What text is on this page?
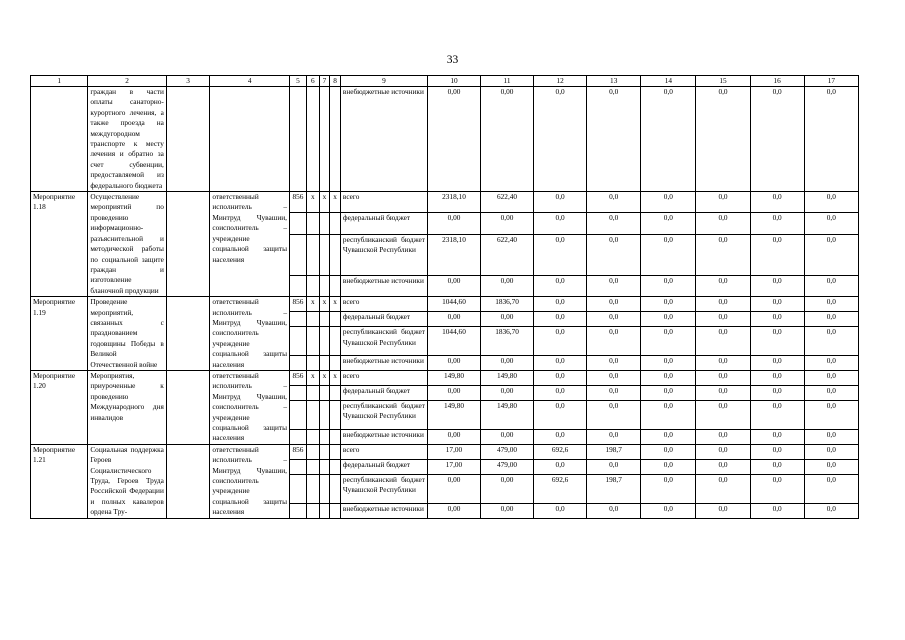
33
1	2	3	4	5	6	7	8	9	10	11	12	13	14	15	16	17
	граждан в части оплаты санаторно-курортного лечения, а также проезда на междугородном транспорте к месту лечения и обратно за счет субвенции, предоставляемой из федерального бюджета							внебюджетные источники	0,00	0,00	0,0	0,0	0,0	0,0	0,0	0,0
Мероприятие 1.18	Осуществление мероприятий по проведению информационно-разъяснительной и методической работы по социальной защите граждан и изготовление бланочной продукции		ответственный исполнитель – Минтруд Чувашии, соисполнитель – учреждение социальной защиты населения	856	x	x	x	всего	2318,10	622,40	0,0	0,0	0,0	0,0	0,0	0,0
								федеральный бюджет	0,00	0,00	0,0	0,0	0,0	0,0	0,0	0,0
								республиканский бюджет Чувашской Республики	2318,10	622,40	0,0	0,0	0,0	0,0	0,0	0,0
								внебюджетные источники	0,00	0,00	0,0	0,0	0,0	0,0	0,0	0,0
Мероприятие 1.19	Проведение мероприятий, связанных с празднованием годовщины Победы в Великой Отечественной войне		ответственный исполнитель – Минтруд Чувашии, соисполнитель учреждение социальной защиты населения	856	x	x	x	всего	1044,60	1836,70	0,0	0,0	0,0	0,0	0,0	0,0
								федеральный бюджет	0,00	0,00	0,0	0,0	0,0	0,0	0,0	0,0
								республиканский бюджет Чувашской Республики	1044,60	1836,70	0,0	0,0	0,0	0,0	0,0	0,0
								внебюджетные источники	0,00	0,00	0,0	0,0	0,0	0,0	0,0	0,0
Мероприятие 1.20	Мероприятия, приуроченные к проведению Международного дня инвалидов		ответственный исполнитель – Минтруд Чувашии, соисполнитель – учреждение социальной защиты населения	856	x	x	x	всего	149,80	149,80	0,0	0,0	0,0	0,0	0,0	0,0
								федеральный бюджет	0,00	0,00	0,0	0,0	0,0	0,0	0,0	0,0
								республиканский бюджет Чувашской Республики	149,80	149,80	0,0	0,0	0,0	0,0	0,0	0,0
								внебюджетные источники	0,00	0,00	0,0	0,0	0,0	0,0	0,0	0,0
Мероприятие 1.21	Социальная поддержка Героев Социалистического Труда, Героев Труда Российской Федерации и полных кавалеров ордена Тру-		ответственный исполнитель – Минтруд Чувашии, соисполнитель учреждение социальной защиты населения	856				всего	17,00	479,00	692,6	198,7	0,0	0,0	0,0	0,0
								федеральный бюджет	17,00	479,00	0,0	0,0	0,0	0,0	0,0	0,0
								республиканский бюджет Чувашской Республики	0,00	0,00	692,6	198,7	0,0	0,0	0,0	0,0
								внебюджетные источники	0,00	0,00	0,0	0,0	0,0	0,0	0,0	0,0
